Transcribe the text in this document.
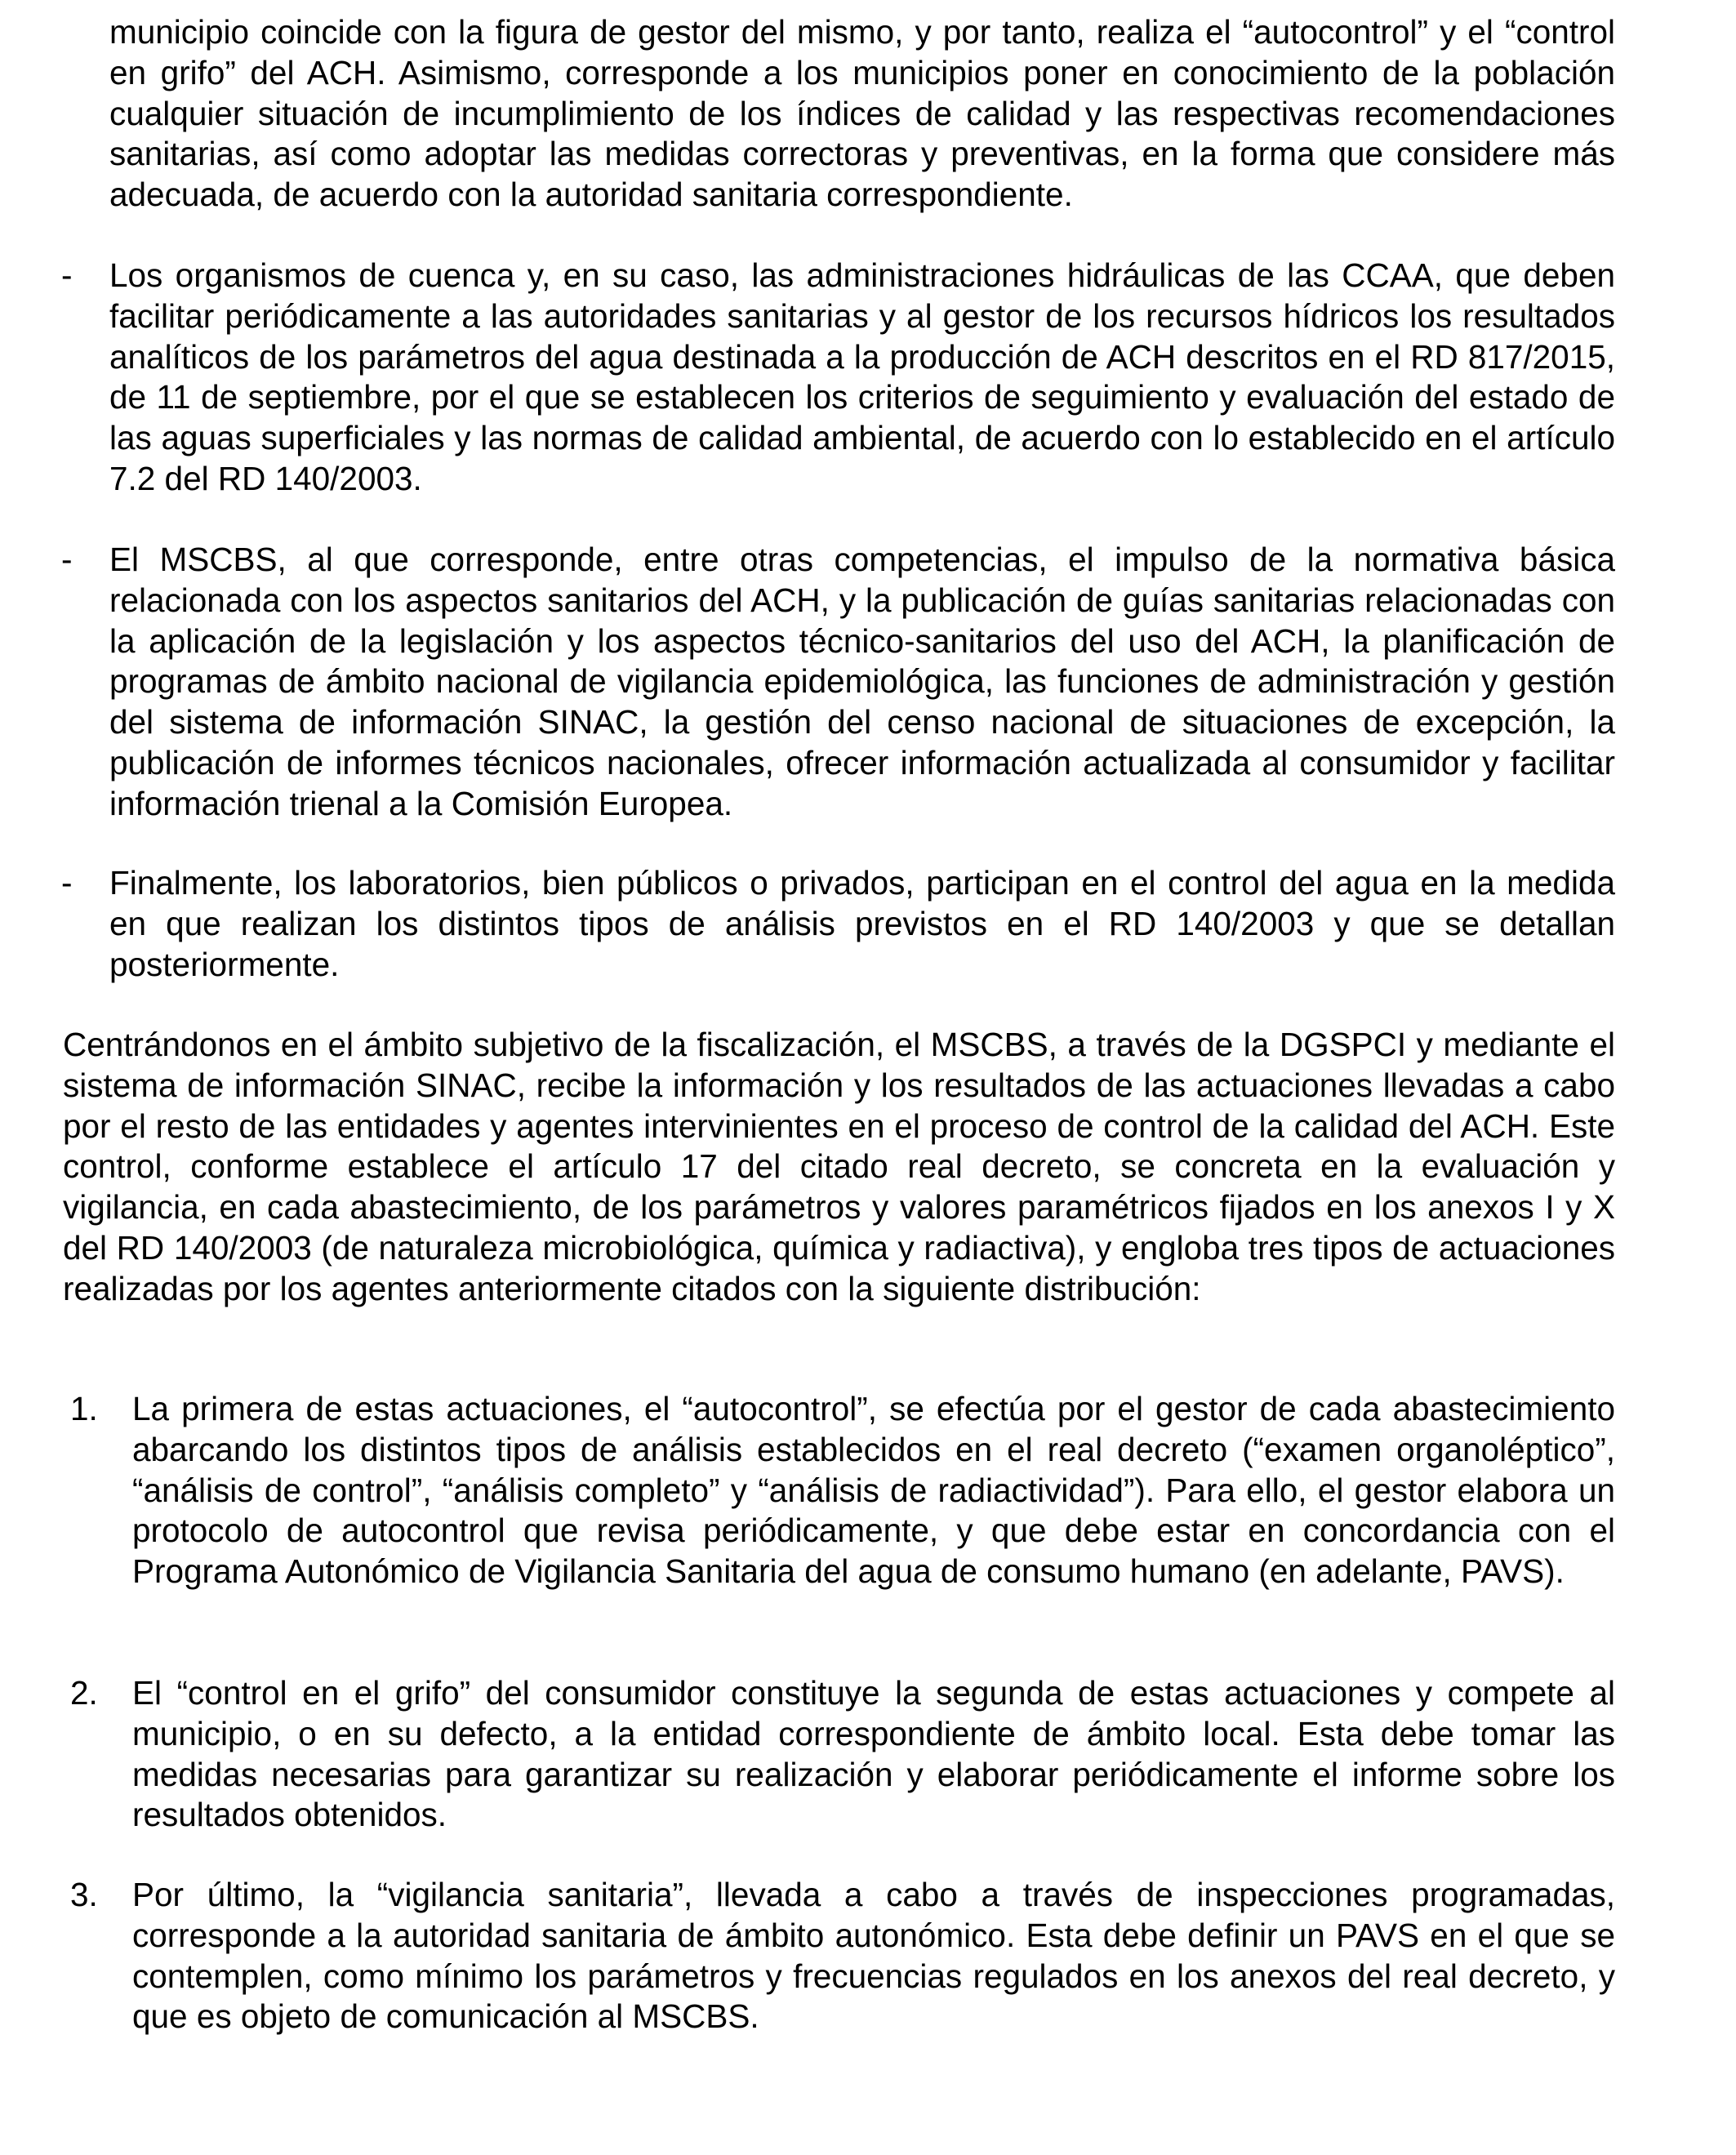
municipio coincide con la figura de gestor del mismo, y por tanto, realiza el “autocontrol” y el “control en grifo” del ACH. Asimismo, corresponde a los municipios poner en conocimiento de la población cualquier situación de incumplimiento de los índices de calidad y las respectivas recomendaciones sanitarias, así como adoptar las medidas correctoras y preventivas, en la forma que considere más adecuada, de acuerdo con la autoridad sanitaria correspondiente.

- Los organismos de cuenca y, en su caso, las administraciones hidráulicas de las CCAA, que deben facilitar periódicamente a las autoridades sanitarias y al gestor de los recursos hídricos los resultados analíticos de los parámetros del agua destinada a la producción de ACH descritos en el RD 817/2015, de 11 de septiembre, por el que se establecen los criterios de seguimiento y evaluación del estado de las aguas superficiales y las normas de calidad ambiental, de acuerdo con lo establecido en el artículo 7.2 del RD 140/2003.

- El MSCBS, al que corresponde, entre otras competencias, el impulso de la normativa básica relacionada con los aspectos sanitarios del ACH, y la publicación de guías sanitarias relacionadas con la aplicación de la legislación y los aspectos técnico-sanitarios del uso del ACH, la planificación de programas de ámbito nacional de vigilancia epidemiológica, las funciones de administración y gestión del sistema de información SINAC, la gestión del censo nacional de situaciones de excepción, la publicación de informes técnicos nacionales, ofrecer información actualizada al consumidor y facilitar información trienal a la Comisión Europea.

- Finalmente, los laboratorios, bien públicos o privados, participan en el control del agua en la medida en que realizan los distintos tipos de análisis previstos en el RD 140/2003 y que se detallan posteriormente.

Centrándonos en el ámbito subjetivo de la fiscalización, el MSCBS, a través de la DGSPCI y mediante el sistema de información SINAC, recibe la información y los resultados de las actuaciones llevadas a cabo por el resto de las entidades y agentes intervinientes en el proceso de control de la calidad del ACH. Este control, conforme establece el artículo 17 del citado real decreto, se concreta en la evaluación y vigilancia, en cada abastecimiento, de los parámetros y valores paramétricos fijados en los anexos I y X del RD 140/2003 (de naturaleza microbiológica, química y radiactiva), y engloba tres tipos de actuaciones realizadas por los agentes anteriormente citados con la siguiente distribución:

1. La primera de estas actuaciones, el “autocontrol”, se efectúa por el gestor de cada abastecimiento abarcando los distintos tipos de análisis establecidos en el real decreto (“examen organoléptico”, “análisis de control”, “análisis completo” y “análisis de radiactividad”). Para ello, el gestor elabora un protocolo de autocontrol que revisa periódicamente, y que debe estar en concordancia con el Programa Autonómico de Vigilancia Sanitaria del agua de consumo humano (en adelante, PAVS).

2. El “control en el grifo” del consumidor constituye la segunda de estas actuaciones y compete al municipio, o en su defecto, a la entidad correspondiente de ámbito local. Esta debe tomar las medidas necesarias para garantizar su realización y elaborar periódicamente el informe sobre los resultados obtenidos.

3. Por último, la “vigilancia sanitaria”, llevada a cabo a través de inspecciones programadas, corresponde a la autoridad sanitaria de ámbito autonómico. Esta debe definir un PAVS en el que se contemplen, como mínimo los parámetros y frecuencias regulados en los anexos del real decreto, y que es objeto de comunicación al MSCBS.
